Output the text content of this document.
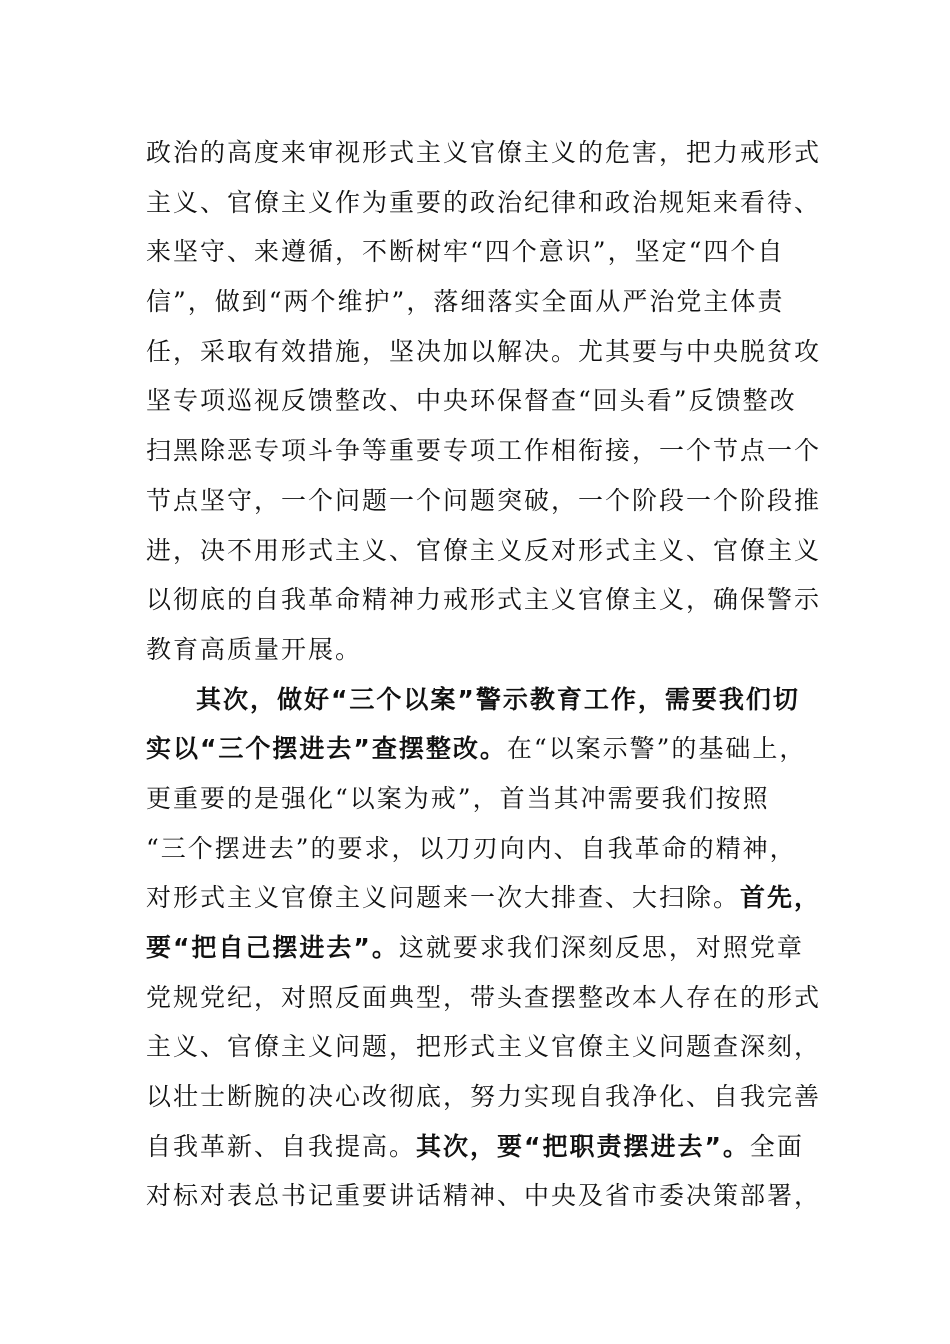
政治的高度来审视形式主义官僚主义的危害，把力戒形式
主义、官僚主义作为重要的政治纪律和政治规矩来看待、
来坚守、来遵循，不断树牢“四个意识”，坚定“四个自
信”，做到“两个维护”，落细落实全面从严治党主体责
任，采取有效措施，坚决加以解决。尤其要与中央脱贫攻
坚专项巡视反馈整改、中央环保督查“回头看”反馈整改
扫黑除恶专项斗争等重要专项工作相衔接，一个节点一个
节点坚守，一个问题一个问题突破，一个阶段一个阶段推
进，决不用形式主义、官僚主义反对形式主义、官僚主义
以彻底的自我革命精神力戒形式主义官僚主义，确保警示
教育高质量开展。
其次，做好“三个以案”警示教育工作，需要我们切
实以“三个摆进去”查摆整改。在“以案示警”的基础上，
更重要的是强化“以案为戒”，首当其冲需要我们按照
“三个摆进去”的要求，以刀刃向内、自我革命的精神，
对形式主义官僚主义问题来一次大排查、大扫除。首先，
要“把自己摆进去”。这就要求我们深刻反思，对照党章
党规党纪，对照反面典型，带头查摆整改本人存在的形式
主义、官僚主义问题，把形式主义官僚主义问题查深刻，
以壮士断腕的决心改彻底，努力实现自我净化、自我完善
自我革新、自我提高。其次，要“把职责摆进去”。全面
对标对表总书记重要讲话精神、中央及省市委决策部署，
